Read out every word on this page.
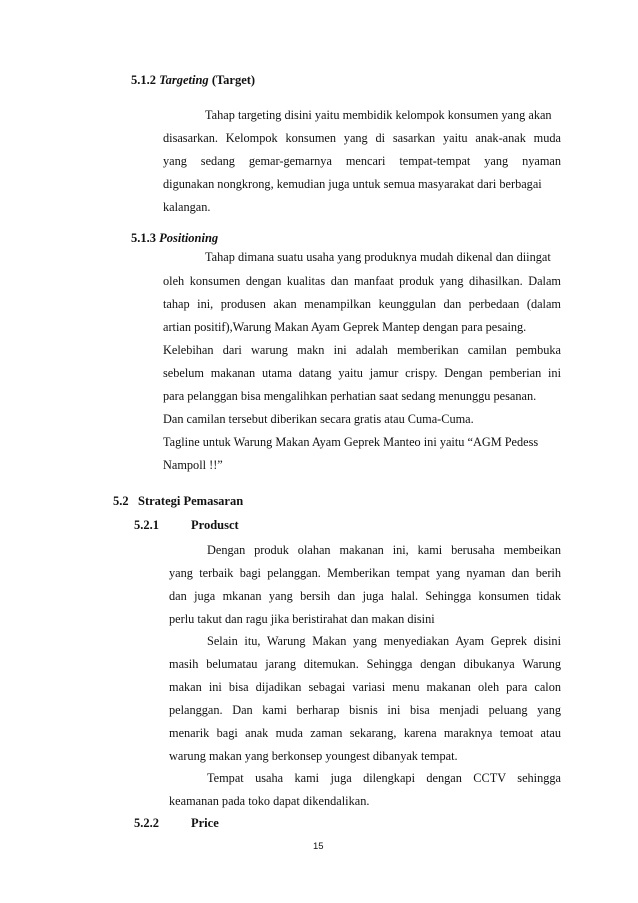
5.1.2 Targeting (Target)
Tahap targeting disini yaitu membidik kelompok konsumen yang akan
disasarkan. Kelompok konsumen yang di sasarkan yaitu anak-anak muda
yang sedang gemar-gemarnya mencari tempat-tempat yang nyaman
digunakan nongkrong, kemudian juga untuk semua masyarakat dari berbagai
kalangan.
5.1.3 Positioning
Tahap dimana suatu usaha yang produknya mudah dikenal dan diingat
oleh konsumen dengan kualitas dan manfaat produk yang dihasilkan. Dalam
tahap ini, produsen akan menampilkan keunggulan dan perbedaan (dalam
artian positif),Warung Makan Ayam Geprek Mantep dengan para pesaing.
Kelebihan dari warung makn ini adalah memberikan camilan pembuka
sebelum makanan utama datang yaitu jamur crispy. Dengan pemberian ini
para pelanggan bisa mengalihkan perhatian saat sedang menunggu pesanan.
Dan camilan tersebut diberikan secara gratis atau Cuma-Cuma.
Tagline untuk Warung Makan Ayam Geprek Manteo ini yaitu “AGM Pedess
Nampoll !!”
5.2 Strategi Pemasaran
5.2.1	Produsct
Dengan produk olahan makanan ini, kami berusaha membeikan
yang terbaik bagi pelanggan. Memberikan tempat yang nyaman dan berih
dan juga mkanan yang bersih dan juga halal. Sehingga konsumen tidak
perlu takut dan ragu jika beristirahat dan makan disini
Selain itu, Warung Makan yang menyediakan Ayam Geprek disini
masih belumatau jarang ditemukan. Sehingga dengan dibukanya Warung
makan ini bisa dijadikan sebagai variasi menu makanan oleh para calon
pelanggan. Dan kami berharap bisnis ini bisa menjadi peluang yang
menarik bagi anak muda zaman sekarang, karena maraknya temoat atau
warung makan yang berkonsep youngest dibanyak tempat.
Tempat usaha kami juga dilengkapi dengan CCTV sehingga
keamanan pada toko dapat dikendalikan.
5.2.2	Price
15
